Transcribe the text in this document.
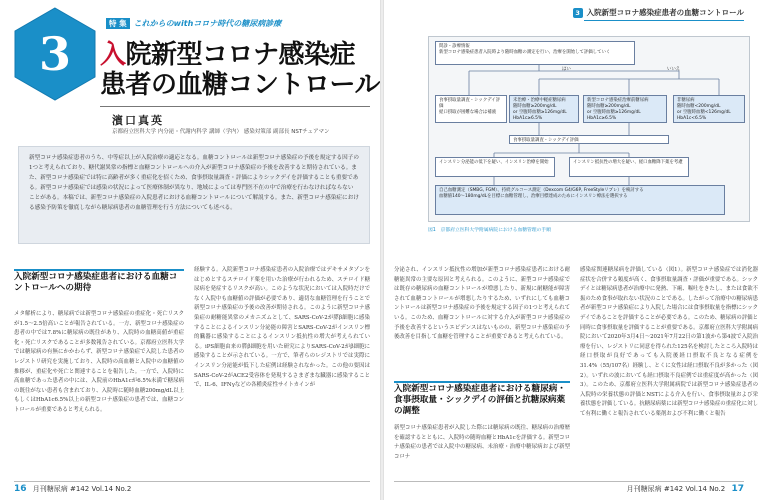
3
特 集 これからのwithコロナ時代の糖尿病診療
入院新型コロナ感染症
患者の血糖コントロール
濱口真英
京都府立医科大学 内分泌・代謝内科学 講師（学内） 感染対策部 副部長 NSTチェアマン
新型コロナ感染症患者のうち、中等症以上が入院治療の適応となる。血糖コントロールは新型コロナ感染症の予後を規定する因子の1つと考えられており、糖代謝異常の指標と血糖コントロールへの介入が新型コロナ感染症の予後を改善すると期待されている。また、新型コロナ感染症では特に高齢者が多く重症化を招くため、食事摂取量調査・評価によりシックデイを評価することも重要である。新型コロナ感染症では感染の状況によって医療体制が異なり、地域によっては専門医不在の中で治療を行わなければならないことがある。本稿では、新型コロナ感染症の入院患者における血糖コントロールについて解説する。また、新型コロナ感染症における感染予防策を徹底しながら糖尿病患者の血糖管理を行う方法についても述べる。
入院新型コロナ感染症患者における血糖コントロールへの期待

メタ解析により、糖尿病では新型コロナ感染症の重症化・死亡リスクが1.5〜2.5倍高いことが報告されている。一方、新型コロナ感染症の患者の中では7.8%に糖尿病の既往があり、入院時の血糖高値が重症化・死亡リスクであることが多数報告されている。京都府立医科大学では糖尿病の有無にかかわらず、新型コロナ感染症で入院した患者のレジストリ研究を実施しており、入院時の高血糖と入院中の血糖値の推移が、重症化や死亡と関連することを報告した。一方で、入院時に高血糖であった患者の中には、入院前のHbA1cが6.5%未満で糖尿病の既往がない患者も含まれており、入院時に随時血糖200mg/dL以上もしくはHbA1c6.5%以上の新型コロナ感染症の患者では、血糖コントロールが重要であると考えられる。

経験する。入院新型コロナ感染症患者の入院治療ではデキサメタゾンをはじめとするステロイド薬を用いた治療が行われるため、ステロイド糖尿病を発症するリスクが高い。このような状況においては入院時だけでなく入院中も血糖値の評価が必要であり、適切な血糖管理を行うことで新型コロナ感染症の予後の改善が期待される。このように新型コロナ感染症の耐糖能異常のメカニズムとして、SARS-CoV-2が膵β細胞に感染することによるインスリン分泌能の障害とSARS-CoV-2がインスリン標的臓器に感染することによるインスリン抵抗性の増大が考えられている。iPS細胞由来の膵β細胞を用いた研究によりSARS-CoV-2がβ細胞に感染することが示されている。一方で、筆者らのレジストリでは実際にインスリン分泌能が低下した症例は経験されなかった。この他の要因はSARS-CoV-2がACE2受容体を発現するさまざまな臓器に感染することで、IL-6、IFNγなどの各種炎症性サイトカインが

16 月刊糖尿病 #142 Vol.14 No.2
3 入院新型コロナ感染症患者の血糖コントロール
問診・診療情報
新型コロナ感染症患者入院時より随時血糖の測定を行い、治療を開始して評価していく
はい	いいえ
食事摂取量調査・シックデイ評価
経口摂取が困難な場合は補液
未治療・治療中軽症糖尿病
随時血糖≥200mg/dL
or 空腹時血糖≥126mg/dL
HbA1c≥6.5%
新型コロナ感染症治療前糖尿病
随時血糖≥200mg/dL
or 空腹時血糖≥126mg/dL
HbA1c≥6.5%
非糖尿病
随時血糖<200mg/dL
or 空腹時血糖<126mg/dL
HbA1c<6.5%
食事摂取量調査・シックデイ評価
インスリン分泌能の低下を疑い、インスリン治療を開始	インスリン抵抗性の増大を疑い、経口血糖降下薬を考慮
自己血糖測定（SMBG, FGM）、持続グルコース測定（Dexcom G4/G6P, FreeStyleリブレ）を検討する
血糖値140〜180mg/dLを目標に血糖管理し、治療目標達成のためにインスリン療法を選択する
図1　京都府立医科大学附属病院における血糖管理の手順

分泌され、インスリン抵抗性の増加が新型コロナ感染症患者における耐糖能異常の主要な原因と考えられる。このように、新型コロナ感染症では既存の糖尿病の血糖コントロールが増悪したり、新規に耐糖能が障害されて血糖コントロールが増悪したりするため、いずれにしても血糖コントロールは新型コロナ感染症の予後を規定する因子の1つと考えられている。このため、血糖コントロールに対する介入が新型コロナ感染症の予後を改善するというエビデンスはないものの、新型コロナ感染症の予後改善を目指して血糖を管理することが重要であると考えられている。

入院新型コロナ感染症患者における糖尿病・食事摂取量・シックデイの評価と抗糖尿病薬の調整

新型コロナ感染症患者が入院した際には糖尿病の既往、糖尿病の治療歴を確認するとともに、入院時の随時血糖とHbA1cを評価する。新型コロナ感染症の患者では入院中の糖尿病、未治療・治療中糖尿病および新型コロナ

感染症関連糖尿病を評価している（図1）。新型コロナ感染症では消化器症状を合併する頻度が高く、食事摂取量調査・評価が重要である。シックデイとは糖尿病患者が治療中に発熱、下痢、嘔吐をきたし、または食欲不振のため食事が取れない状況のことである。したがって治療中の糖尿病患者が新型コロナ感染症により入院した場合には食事摂取量を指標にシックデイであることを評価することが必要である。このため、糖尿病の評価と同時に食事摂取量を評価することが重要である。京都府立医科大学附属病院において2020年3月4日〜2021年7月22日の第1波から第4波で入院治療を行い、レジストリに同意を得られた125名を検討したところ入院時は経口摂取が良好であっても入院後経口摂取不良となる症例を31.4%（55/107名）経験し、とくに女性は経口摂取不良が多かった（図2）。いずれの波においても経口摂取不良症例では重症度が高かった（図3）。このため、京都府立医科大学附属病院では新型コロナ感染症患者の入院時の栄養状態の評価とNSTによる介入を行い、食事摂取量および栄養状態を評価している。抗糖尿病薬には新型コロナ感染症の重症化に対して有利に働くと報告されている薬剤および不利に働くと報告

月刊糖尿病 #142 Vol.14 No.2 17
